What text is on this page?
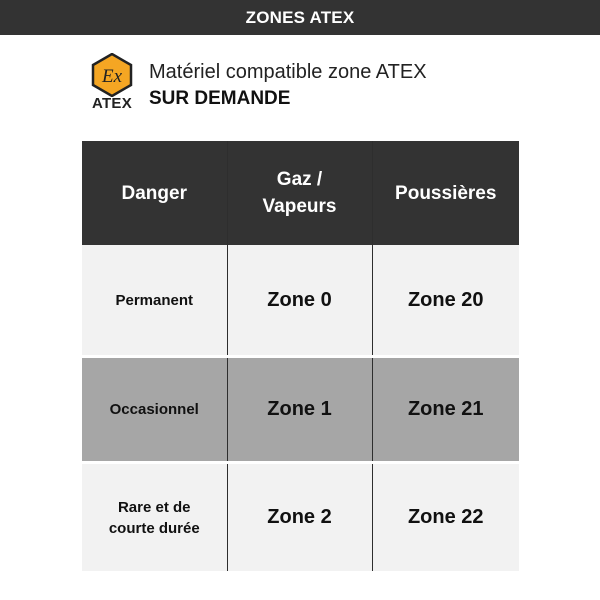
ZONES ATEX
Ex
ATEX
Matériel compatible zone ATEX
SUR DEMANDE
Danger	Gaz / Vapeurs	Poussières
Permanent	Zone 0	Zone 20
Occasionnel	Zone 1	Zone 21
Rare et de courte durée	Zone 2	Zone 22
